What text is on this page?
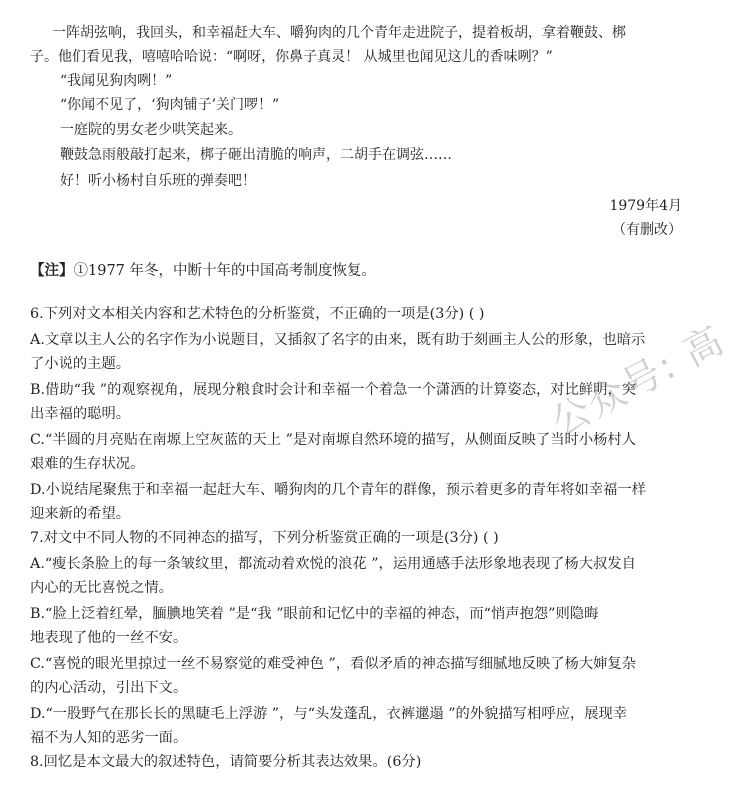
一阵胡弦响，我回头，和幸福赶大车、嚼狗肉的几个青年走进院子，提着板胡，拿着鞭鼓、梆
子。他们看见我，嘻嘻哈哈说：“啊呀，你鼻子真灵！ 从城里也闻见这儿的香味咧？”
“我闻见狗肉咧！”
“你闻不见了，‘狗肉铺子’关门啰！”
一庭院的男女老少哄笑起来。
鞭鼓急雨般敲打起来，梆子砸出清脆的响声，二胡手在调弦……
好！听小杨村自乐班的弹奏吧！
1979年4月
（有删改）
【注】①1977 年冬，中断十年的中国高考制度恢复。
6.下列对文本相关内容和艺术特色的分析鉴赏，不正确的一项是(3分) ( )
A.文章以主人公的名字作为小说题目，又插叙了名字的由来，既有助于刻画主人公的形象，也暗示
了小说的主题。
B.借助“我 ”的观察视角，展现分粮食时会计和幸福一个着急一个潇洒的计算姿态，对比鲜明，突
出幸福的聪明。
C.“半圆的月亮贴在南塬上空灰蓝的天上 ”是对南塬自然环境的描写，从侧面反映了当时小杨村人
艰难的生存状况。
D.小说结尾聚焦于和幸福一起赶大车、嚼狗肉的几个青年的群像，预示着更多的青年将如幸福一样
迎来新的希望。
7.对文中不同人物的不同神态的描写，下列分析鉴赏正确的一项是(3分) ( )
A.“瘦长条脸上的每一条皱纹里，都流动着欢悦的浪花 ”，运用通感手法形象地表现了杨大叔发自
内心的无比喜悦之情。
B.“脸上泛着红晕，腼腆地笑着 ”是“我 ”眼前和记忆中的幸福的神态，而“悄声抱怨”则隐晦
地表现了他的一丝不安。
C.“喜悦的眼光里掠过一丝不易察觉的难受神色 ”，看似矛盾的神态描写细腻地反映了杨大婶复杂
的内心活动，引出下文。
D.“一股野气在那长长的黑睫毛上浮游 ”，与“头发蓬乱，衣裤邋遢 ”的外貌描写相呼应，展现幸
福不为人知的恶劣一面。
8.回忆是本文最大的叙述特色，请简要分析其表达效果。(6分)
公众号: 高
